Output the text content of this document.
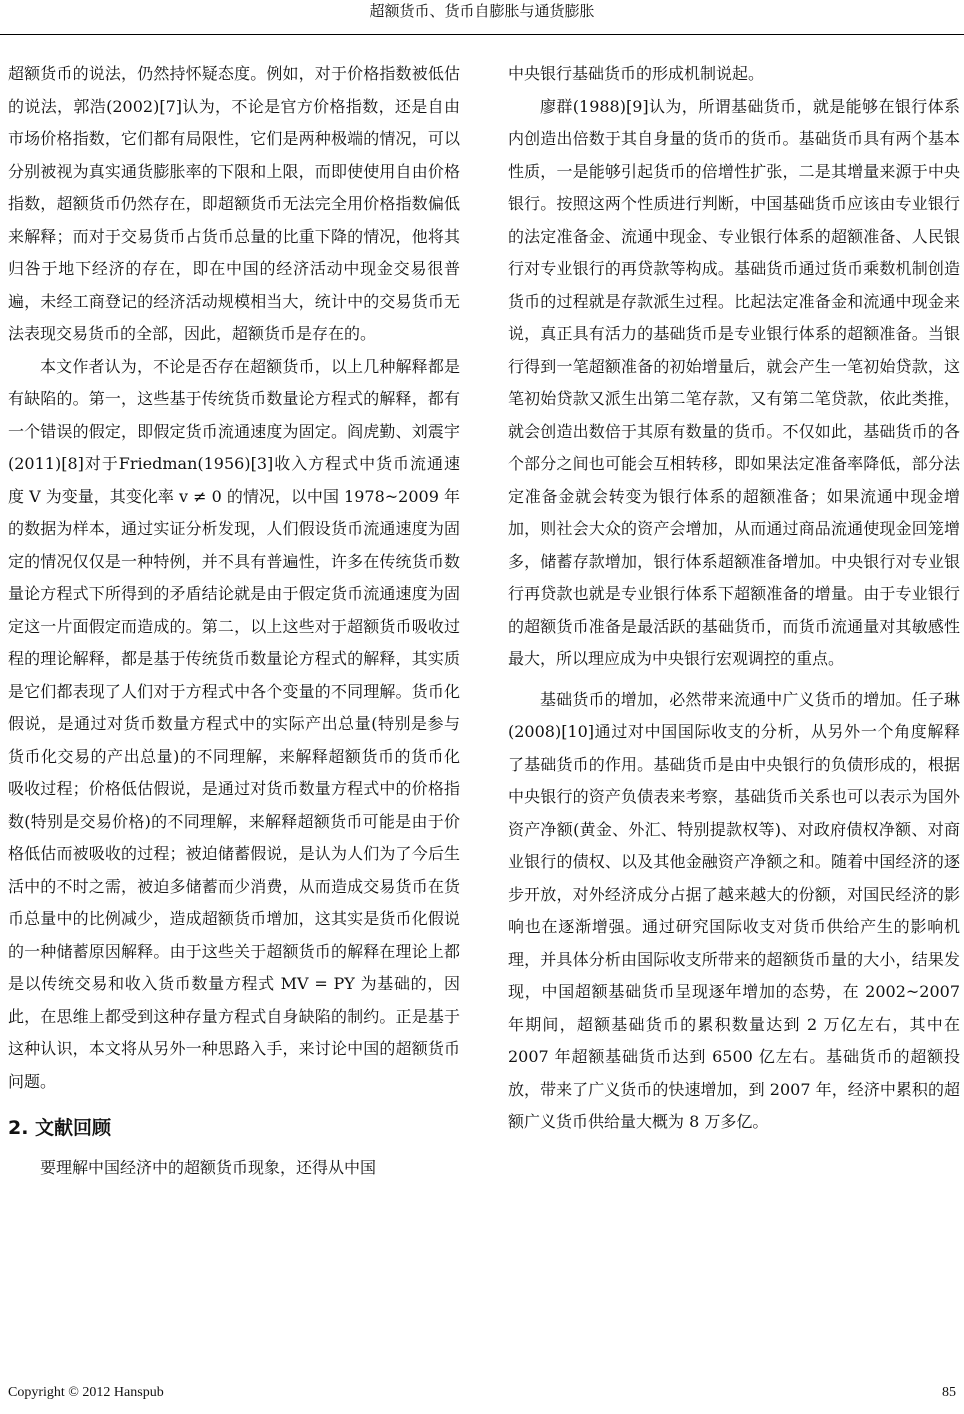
超额货币、货币自膨胀与通货膨胀

超额货币的说法，仍然持怀疑态度。例如，对于价格指数被低估的说法，郭浩(2002)[7]认为，不论是官方价格指数，还是自由市场价格指数，它们都有局限性，它们是两种极端的情况，可以分别被视为真实通货膨胀率的下限和上限，而即使使用自由价格指数，超额货币仍然存在，即超额货币无法完全用价格指数偏低来解释；而对于交易货币占货币总量的比重下降的情况，他将其归咎于地下经济的存在，即在中国的经济活动中现金交易很普遍，未经工商登记的经济活动规模相当大，统计中的交易货币无法表现交易货币的全部，因此，超额货币是存在的。

本文作者认为，不论是否存在超额货币，以上几种解释都是有缺陷的。第一，这些基于传统货币数量论方程式的解释，都有一个错误的假定，即假定货币流通速度为固定。阎虎勤、刘震宇(2011)[8]对于Friedman(1956)[3]收入方程式中货币流通速度 V 为变量，其变化率 v ≠ 0 的情况，以中国 1978~2009 年的数据为样本，通过实证分析发现，人们假设货币流通速度为固定的情况仅仅是一种特例，并不具有普遍性，许多在传统货币数量论方程式下所得到的矛盾结论就是由于假定货币流通速度为固定这一片面假定而造成的。第二，以上这些对于超额货币吸收过程的理论解释，都是基于传统货币数量论方程式的解释，其实质是它们都表现了人们对于方程式中各个变量的不同理解。货币化假说，是通过对货币数量方程式中的实际产出总量(特别是参与货币化交易的产出总量)的不同理解，来解释超额货币的货币化吸收过程；价格低估假说，是通过对货币数量方程式中的价格指数(特别是交易价格)的不同理解，来解释超额货币可能是由于价格低估而被吸收的过程；被迫储蓄假说，是认为人们为了今后生活中的不时之需，被迫多储蓄而少消费，从而造成交易货币在货币总量中的比例减少，造成超额货币增加，这其实是货币化假说的一种储蓄原因解释。由于这些关于超额货币的解释在理论上都是以传统交易和收入货币数量方程式 MV = PY 为基础的，因此，在思维上都受到这种存量方程式自身缺陷的制约。正是基于这种认识，本文将从另外一种思路入手，来讨论中国的超额货币问题。

2. 文献回顾

要理解中国经济中的超额货币现象，还得从中国

中央银行基础货币的形成机制说起。

廖群(1988)[9]认为，所谓基础货币，就是能够在银行体系内创造出倍数于其自身量的货币的货币。基础货币具有两个基本性质，一是能够引起货币的倍增性扩张，二是其增量来源于中央银行。按照这两个性质进行判断，中国基础货币应该由专业银行的法定准备金、流通中现金、专业银行体系的超额准备、人民银行对专业银行的再贷款等构成。基础货币通过货币乘数机制创造货币的过程就是存款派生过程。比起法定准备金和流通中现金来说，真正具有活力的基础货币是专业银行体系的超额准备。当银行得到一笔超额准备的初始增量后，就会产生一笔初始贷款，这笔初始贷款又派生出第二笔存款，又有第二笔贷款，依此类推，就会创造出数倍于其原有数量的货币。不仅如此，基础货币的各个部分之间也可能会互相转移，即如果法定准备率降低，部分法定准备金就会转变为银行体系的超额准备；如果流通中现金增加，则社会大众的资产会增加，从而通过商品流通使现金回笼增多，储蓄存款增加，银行体系超额准备增加。中央银行对专业银行再贷款也就是专业银行体系下超额准备的增量。由于专业银行的超额货币准备是最活跃的基础货币，而货币流通量对其敏感性最大，所以理应成为中央银行宏观调控的重点。

基础货币的增加，必然带来流通中广义货币的增加。任子琳(2008)[10]通过对中国国际收支的分析，从另外一个角度解释了基础货币的作用。基础货币是由中央银行的负债形成的，根据中央银行的资产负债表来考察，基础货币关系也可以表示为国外资产净额(黄金、外汇、特别提款权等)、对政府债权净额、对商业银行的债权、以及其他金融资产净额之和。随着中国经济的逐步开放，对外经济成分占据了越来越大的份额，对国民经济的影响也在逐渐增强。通过研究国际收支对货币供给产生的影响机理，并具体分析由国际收支所带来的超额货币量的大小，结果发现，中国超额基础货币呈现逐年增加的态势，在 2002~2007 年期间，超额基础货币的累积数量达到 2 万亿左右，其中在 2007 年超额基础货币达到 6500 亿左右。基础货币的超额投放，带来了广义货币的快速增加，到 2007 年，经济中累积的超额广义货币供给量大概为 8 万多亿。

Copyright © 2012 Hanspub	85
